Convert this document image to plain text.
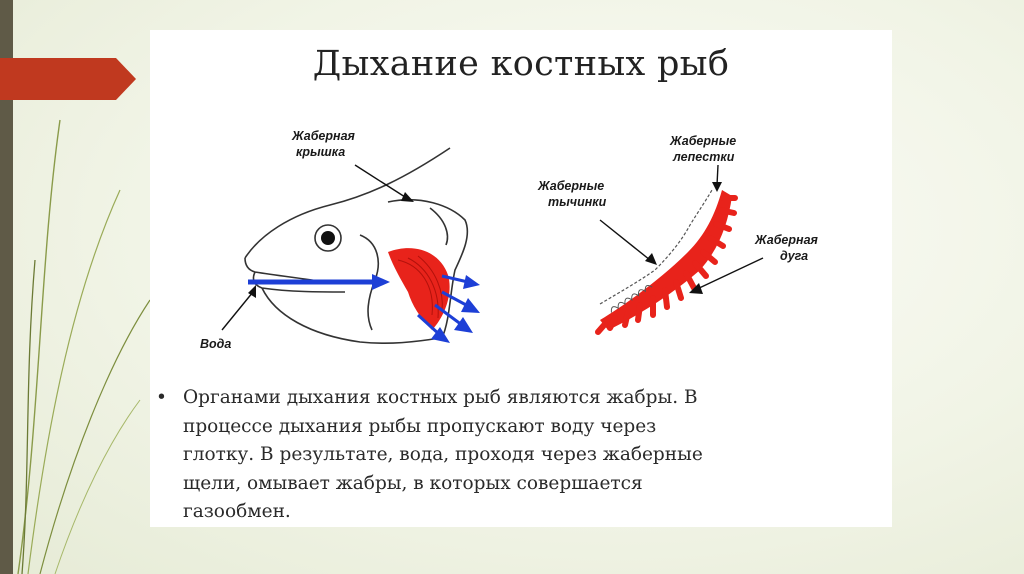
Дыхание костных рыб
Жаберная
крышка
Вода
Жаберные
лепестки
Жаберные
тычинки
Жаберная
дуга
• Органами дыхания костных рыб являются жабры. В
процессе дыхания рыбы пропускают воду через
глотку. В результате, вода, проходя через жаберные
щели, омывает жабры, в которых совершается
газообмен.
